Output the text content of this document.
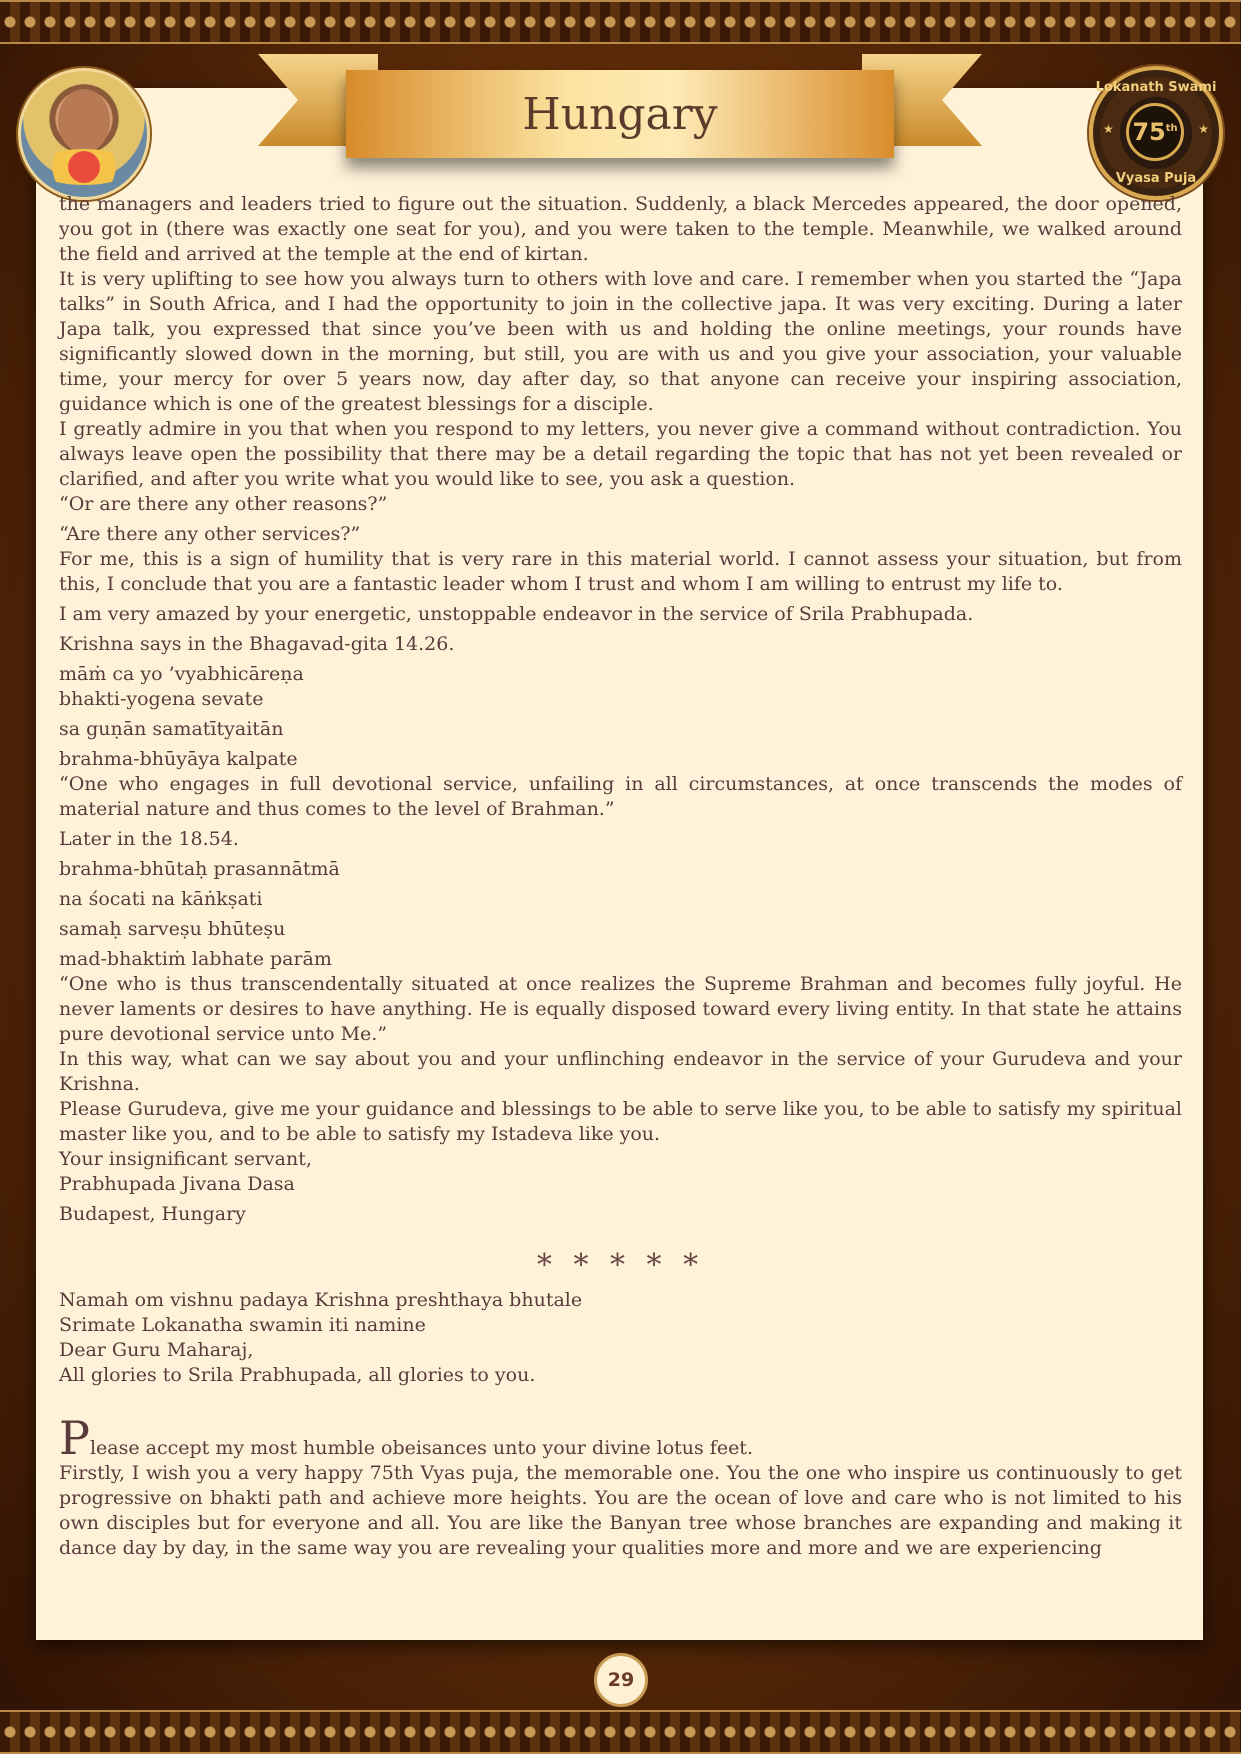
Hungary
Lokanath Swami
★	★
75th
Vyasa Puja

the managers and leaders tried to figure out the situation. Suddenly, a black Mercedes appeared, the door opened, you got in (there was exactly one seat for you), and you were taken to the temple. Meanwhile, we walked around the field and arrived at the temple at the end of kirtan.

It is very uplifting to see how you always turn to others with love and care. I remember when you started the “Japa talks” in South Africa, and I had the opportunity to join in the collective japa. It was very exciting. During a later Japa talk, you expressed that since you’ve been with us and holding the online meetings, your rounds have significantly slowed down in the morning, but still, you are with us and you give your association, your valuable time, your mercy for over 5 years now, day after day, so that anyone can receive your inspiring association, guidance which is one of the greatest blessings for a disciple.

I greatly admire in you that when you respond to my letters, you never give a command without contradiction. You always leave open the possibility that there may be a detail regarding the topic that has not yet been revealed or clarified, and after you write what you would like to see, you ask a question.

“Or are there any other reasons?”

“Are there any other services?”

For me, this is a sign of humility that is very rare in this material world. I cannot assess your situation, but from this, I conclude that you are a fantastic leader whom I trust and whom I am willing to entrust my life to.

I am very amazed by your energetic, unstoppable endeavor in the service of Srila Prabhupada.

Krishna says in the Bhagavad-gita 14.26.

māṁ ca yo ’vyabhicāreṇa

bhakti-yogena sevate

sa guṇān samatītyaitān

brahma-bhūyāya kalpate

“One who engages in full devotional service, unfailing in all circumstances, at once transcends the modes of material nature and thus comes to the level of Brahman.”

Later in the 18.54.

brahma-bhūtaḥ prasannātmā

na śocati na kāṅkṣati

samaḥ sarveṣu bhūteṣu

mad-bhaktiṁ labhate parām

“One who is thus transcendentally situated at once realizes the Supreme Brahman and becomes fully joyful. He never laments or desires to have anything. He is equally disposed toward every living entity. In that state he attains pure devotional service unto Me.”

In this way, what can we say about you and your unflinching endeavor in the service of your Gurudeva and your Krishna.

Please Gurudeva, give me your guidance and blessings to be able to serve like you, to be able to satisfy my spiritual master like you, and to be able to satisfy my Istadeva like you.

Your insignificant servant,

Prabhupada Jivana Dasa

Budapest, Hungary

* * * * *

Namah om vishnu padaya Krishna preshthaya bhutale

Srimate Lokanatha swamin iti namine

Dear Guru Maharaj,

All glories to Srila Prabhupada, all glories to you.

Please accept my most humble obeisances unto your divine lotus feet.

Firstly, I wish you a very happy 75th Vyas puja, the memorable one. You the one who inspire us continuously to get progressive on bhakti path and achieve more heights. You are the ocean of love and care who is not limited to his own disciples but for everyone and all. You are like the Banyan tree whose branches are expanding and making it dance day by day, in the same way you are revealing your qualities more and more and we are experiencing

29
